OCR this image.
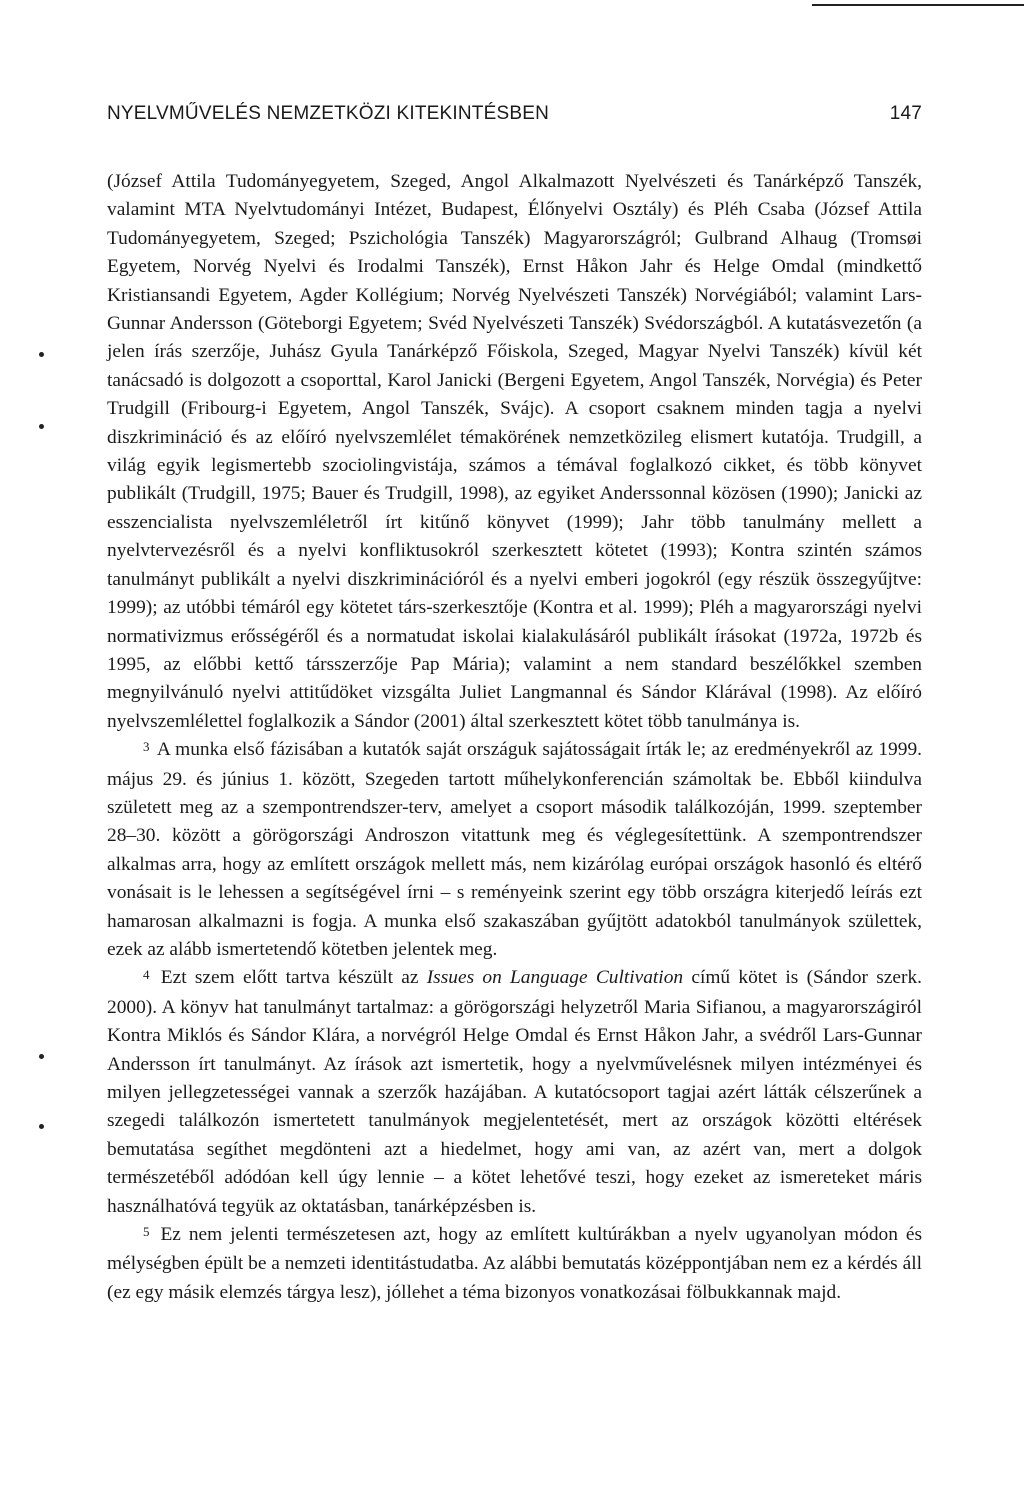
NYELVMŰVELÉS NEMZETKÖZI KITEKINTÉSBEN	147

(József Attila Tudományegyetem, Szeged, Angol Alkalmazott Nyelvészeti és Tanárképző Tanszék, valamint MTA Nyelvtudományi Intézet, Budapest, Élőnyelvi Osztály) és Pléh Csaba (József Attila Tudományegyetem, Szeged; Pszichológia Tanszék) Magyarországról; Gulbrand Alhaug (Tromsøi Egyetem, Norvég Nyelvi és Irodalmi Tanszék), Ernst Håkon Jahr és Helge Omdal (mindkettő Kristiansandi Egyetem, Agder Kollégium; Norvég Nyelvészeti Tanszék) Norvégiából; valamint Lars-Gunnar Andersson (Göteborgi Egyetem; Svéd Nyelvészeti Tanszék) Svédországból. A kutatásvezetőn (a jelen írás szerzője, Juhász Gyula Tanárképző Főiskola, Szeged, Magyar Nyelvi Tanszék) kívül két tanácsadó is dolgozott a csoporttal, Karol Janicki (Bergeni Egyetem, Angol Tanszék, Norvégia) és Peter Trudgill (Fribourg-i Egyetem, Angol Tanszék, Svájc). A csoport csaknem minden tagja a nyelvi diszkrimináció és az előíró nyelvszemlélet témakörének nemzetközileg elismert kutatója. Trudgill, a világ egyik legismertebb szociolingvistája, számos a témával foglalkozó cikket, és több könyvet publikált (Trudgill, 1975; Bauer és Trudgill, 1998), az egyiket Anderssonnal közösen (1990); Janicki az esszencialista nyelvszemléletről írt kitűnő könyvet (1999); Jahr több tanulmány mellett a nyelvtervezésről és a nyelvi konfliktusokról szerkesztett kötetet (1993); Kontra szintén számos tanulmányt publikált a nyelvi diszkriminációról és a nyelvi emberi jogokról (egy részük összegyűjtve: 1999); az utóbbi témáról egy kötetet társ-szerkesztője (Kontra et al. 1999); Pléh a magyarországi nyelvi normativizmus erősségéről és a normatudat iskolai kialakulásáról publikált írásokat (1972a, 1972b és 1995, az előbbi kettő társszerzője Pap Mária); valamint a nem standard beszélőkkel szemben megnyilvánuló nyelvi attitűdöket vizsgálta Juliet Langmannal és Sándor Klárával (1998). Az előíró nyelvszemlélettel foglalkozik a Sándor (2001) által szerkesztett kötet több tanulmánya is.

$^3$ A munka első fázisában a kutatók saját országuk sajátosságait írták le; az eredményekről az 1999. május 29. és június 1. között, Szegeden tartott műhelykonferencián számoltak be. Ebből kiindulva született meg az a szempontrendszer-terv, amelyet a csoport második találkozóján, 1999. szeptember 28–30. között a görögországi Androszon vitattunk meg és véglegesítettünk. A szempontrendszer alkalmas arra, hogy az említett országok mellett más, nem kizárólag európai országok hasonló és eltérő vonásait is le lehessen a segítségével írni – s reményeink szerint egy több országra kiterjedő leírás ezt hamarosan alkalmazni is fogja. A munka első szakaszában gyűjtött adatokból tanulmányok születtek, ezek az alább ismertetendő kötetben jelentek meg.

$^4$ Ezt szem előtt tartva készült az Issues on Language Cultivation című kötet is (Sándor szerk. 2000). A könyv hat tanulmányt tartalmaz: a görögországi helyzetről Maria Sifianou, a magyarországiról Kontra Miklós és Sándor Klára, a norvégról Helge Omdal és Ernst Håkon Jahr, a svédről Lars-Gunnar Andersson írt tanulmányt. Az írások azt ismertetik, hogy a nyelvművelésnek milyen intézményei és milyen jellegzetességei vannak a szerzők hazájában. A kutatócsoport tagjai azért látták célszerűnek a szegedi találkozón ismertetett tanulmányok megjelentetését, mert az országok közötti eltérések bemutatása segíthet megdönteni azt a hiedelmet, hogy ami van, az azért van, mert a dolgok természetéből adódóan kell úgy lennie – a kötet lehetővé teszi, hogy ezeket az ismereteket máris használhatóvá tegyük az oktatásban, tanárképzésben is.

$^5$ Ez nem jelenti természetesen azt, hogy az említett kultúrákban a nyelv ugyanolyan módon és mélységben épült be a nemzeti identitástudatba. Az alábbi bemutatás középpontjában nem ez a kérdés áll (ez egy másik elemzés tárgya lesz), jóllehet a téma bizonyos vonatkozásai fölbukkannak majd.
